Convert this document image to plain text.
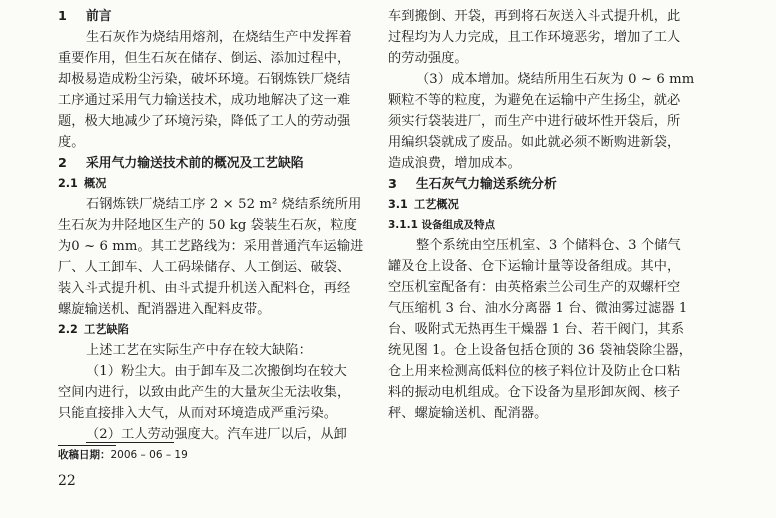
1 前言
生石灰作为烧结用熔剂，在烧结生产中发挥着
重要作用，但生石灰在储存、倒运、添加过程中，
却极易造成粉尘污染，破坏环境。石钢炼铁厂烧结
工序通过采用气力输送技术，成功地解决了这一难
题，极大地减少了环境污染，降低了工人的劳动强
度。
2 采用气力输送技术前的概况及工艺缺陷
2.1 概况
石钢炼铁厂烧结工序 2 × 52 m² 烧结系统所用
生石灰为井陉地区生产的 50 kg 袋装生石灰，粒度
为0 ~ 6 mm。其工艺路线为：采用普通汽车运输进
厂、人工卸车、人工码垛储存、人工倒运、破袋、
装入斗式提升机、由斗式提升机送入配料仓，再经
螺旋输送机、配消器进入配料皮带。
2.2 工艺缺陷
上述工艺在实际生产中存在较大缺陷：
（1）粉尘大。由于卸车及二次搬倒均在较大
空间内进行，以致由此产生的大量灰尘无法收集，
只能直接排入大气，从而对环境造成严重污染。
（2）工人劳动强度大。汽车进厂以后，从卸
收稿日期：2006 – 06 – 19
22
车到搬倒、开袋，再到将石灰送入斗式提升机，此
过程均为人力完成，且工作环境恶劣，增加了工人
的劳动强度。
（3）成本增加。烧结所用生石灰为 0 ~ 6 mm
颗粒不等的粒度，为避免在运输中产生扬尘，就必
须实行袋装进厂，而生产中进行破坏性开袋后，所
用编织袋就成了废品。如此就必须不断购进新袋，
造成浪费，增加成本。
3 生石灰气力输送系统分析
3.1 工艺概况
3.1.1 设备组成及特点
整个系统由空压机室、3 个储料仓、3 个储气
罐及仓上设备、仓下运输计量等设备组成。其中，
空压机室配备有：由英格索兰公司生产的双螺杆空
气压缩机 3 台、油水分离器 1 台、微油雾过滤器 1
台、吸附式无热再生干燥器 1 台、若干阀门，其系
统见图 1。仓上设备包括仓顶的 36 袋袖袋除尘器，
仓上用来检测高低料位的核子料位计及防止仓口粘
料的振动电机组成。仓下设备为星形卸灰阀、核子
秤、螺旋输送机、配消器。
